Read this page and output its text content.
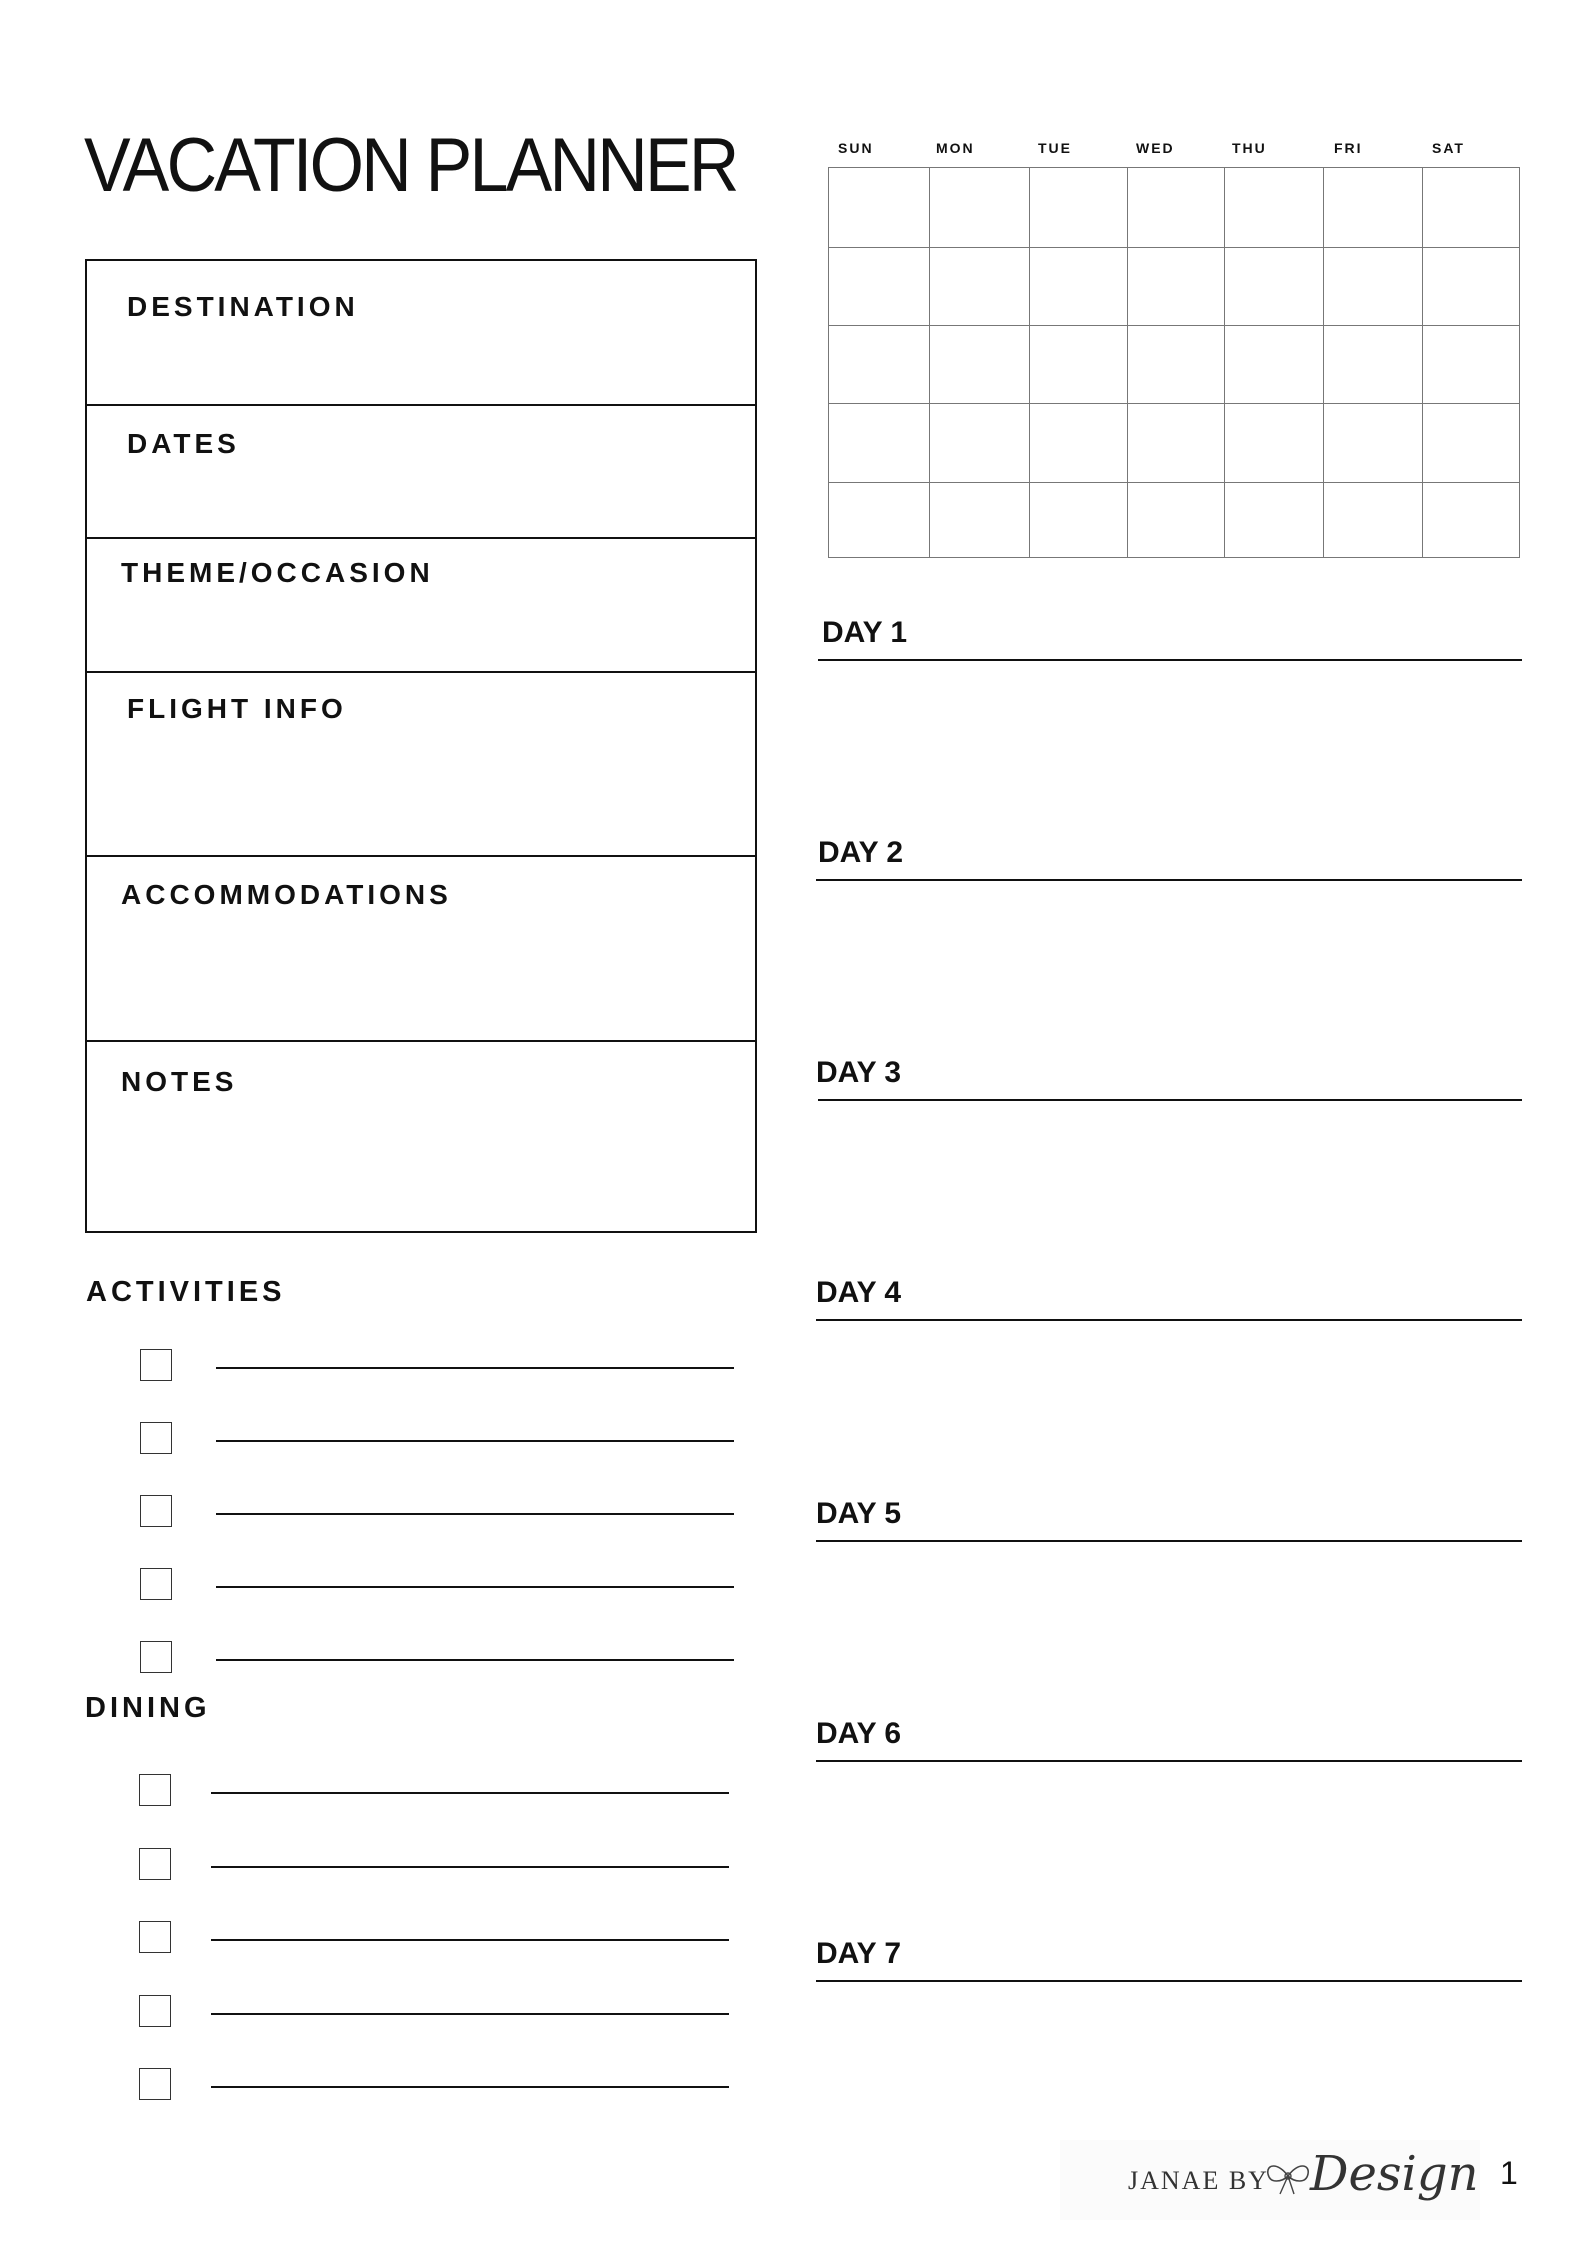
VACATION PLANNER
DESTINATION
DATES
THEME/OCCASION
FLIGHT INFO
ACCOMMODATIONS
NOTES
SUN	MON	TUE	WED	THU	FRI	SAT
DAY 1
DAY 2
DAY 3
DAY 4
DAY 5
DAY 6
DAY 7
ACTIVITIES
DINING
JANAE BY Design 1
